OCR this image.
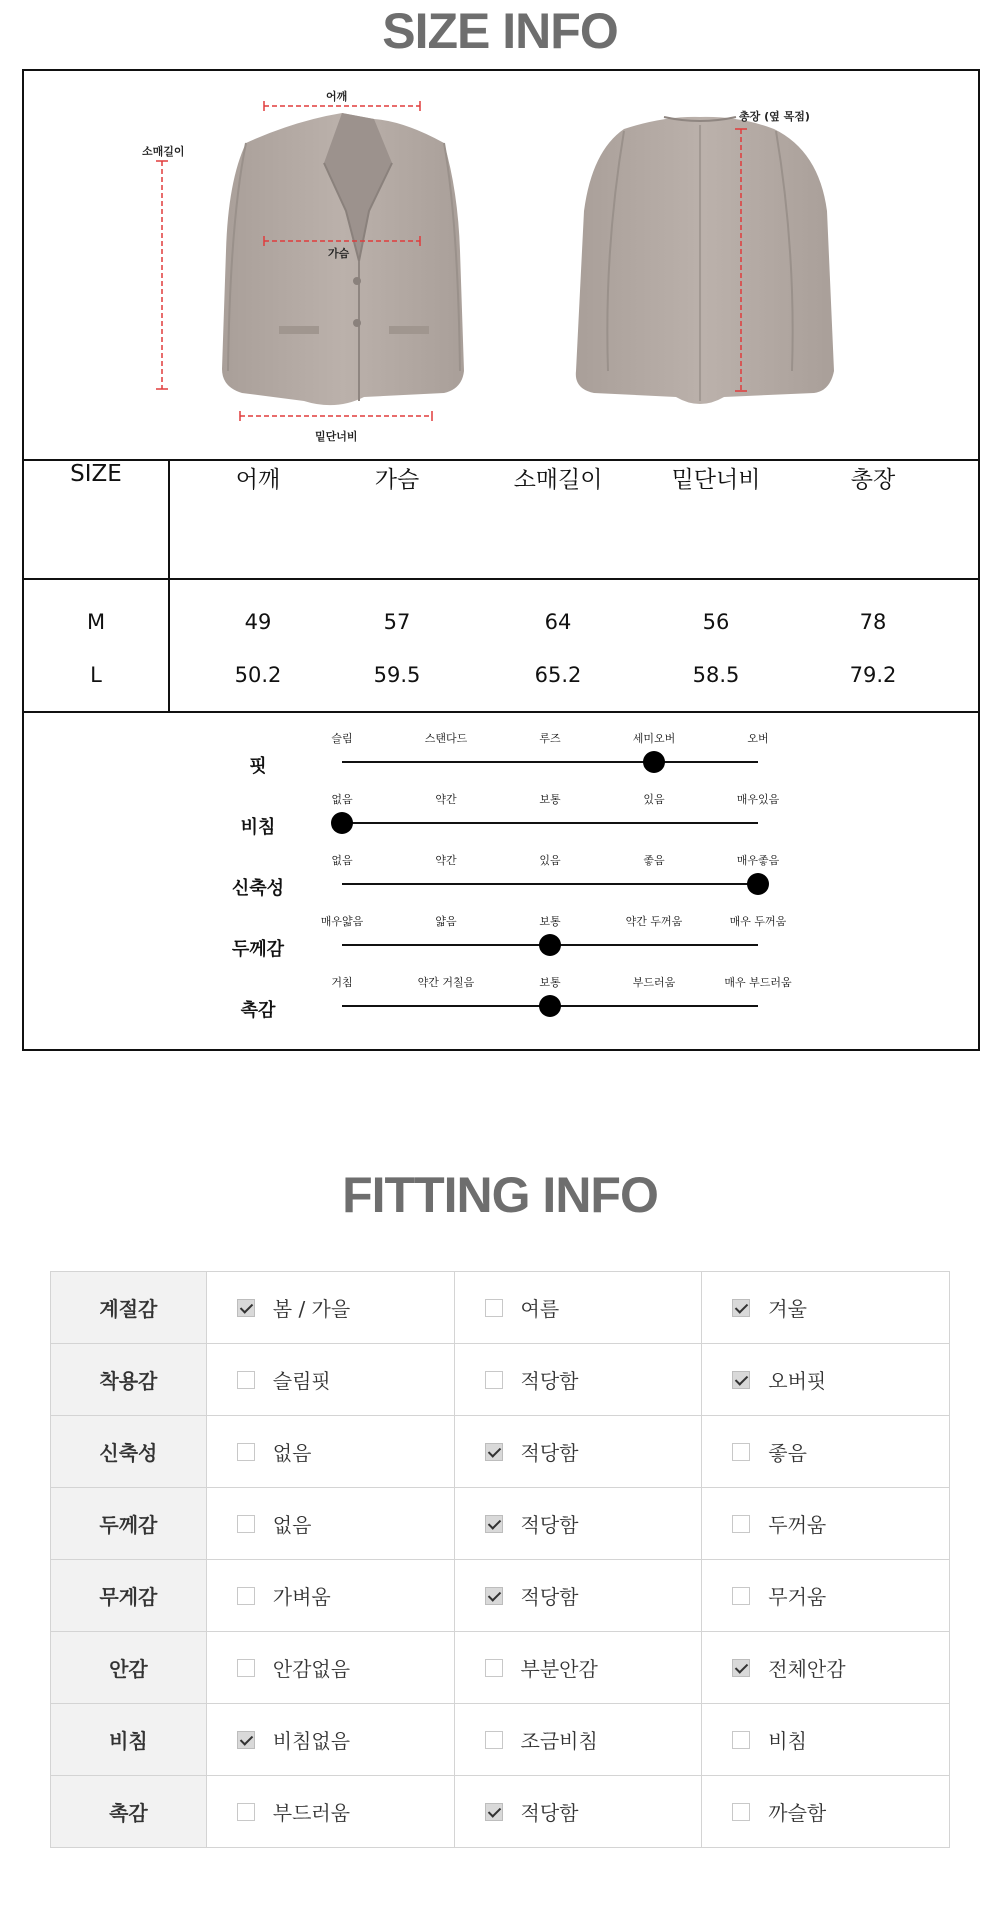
SIZE INFO
어깨
소매길이
가슴
밑단너비
총장 (옆 목점)
SIZE	어깨	가슴	소매길이	밑단너비	총장
M	49	57	64	56	78
L	50.2	59.5	65.2	58.5	79.2
핏
슬림	스탠다드	루즈	세미오버	오버
비침
없음	약간	보통	있음	매우있음
신축성
없음	약간	있음	좋음	매우좋음
두께감
매우얇음	얇음	보통	약간 두꺼움	매우 두꺼움
촉감
거침	약간 거칠음	보통	부드러움	매우 부드러움
FITTING INFO
계절감	봄 / 가을	여름	겨울

착용감	슬림핏	적당함	오버핏

신축성	없음	적당함	좋음

두께감	없음	적당함	두꺼움

무게감	가벼움	적당함	무거움

안감	안감없음	부분안감	전체안감

비침	비침없음	조금비침	비침

촉감	부드러움	적당함	까슬함
